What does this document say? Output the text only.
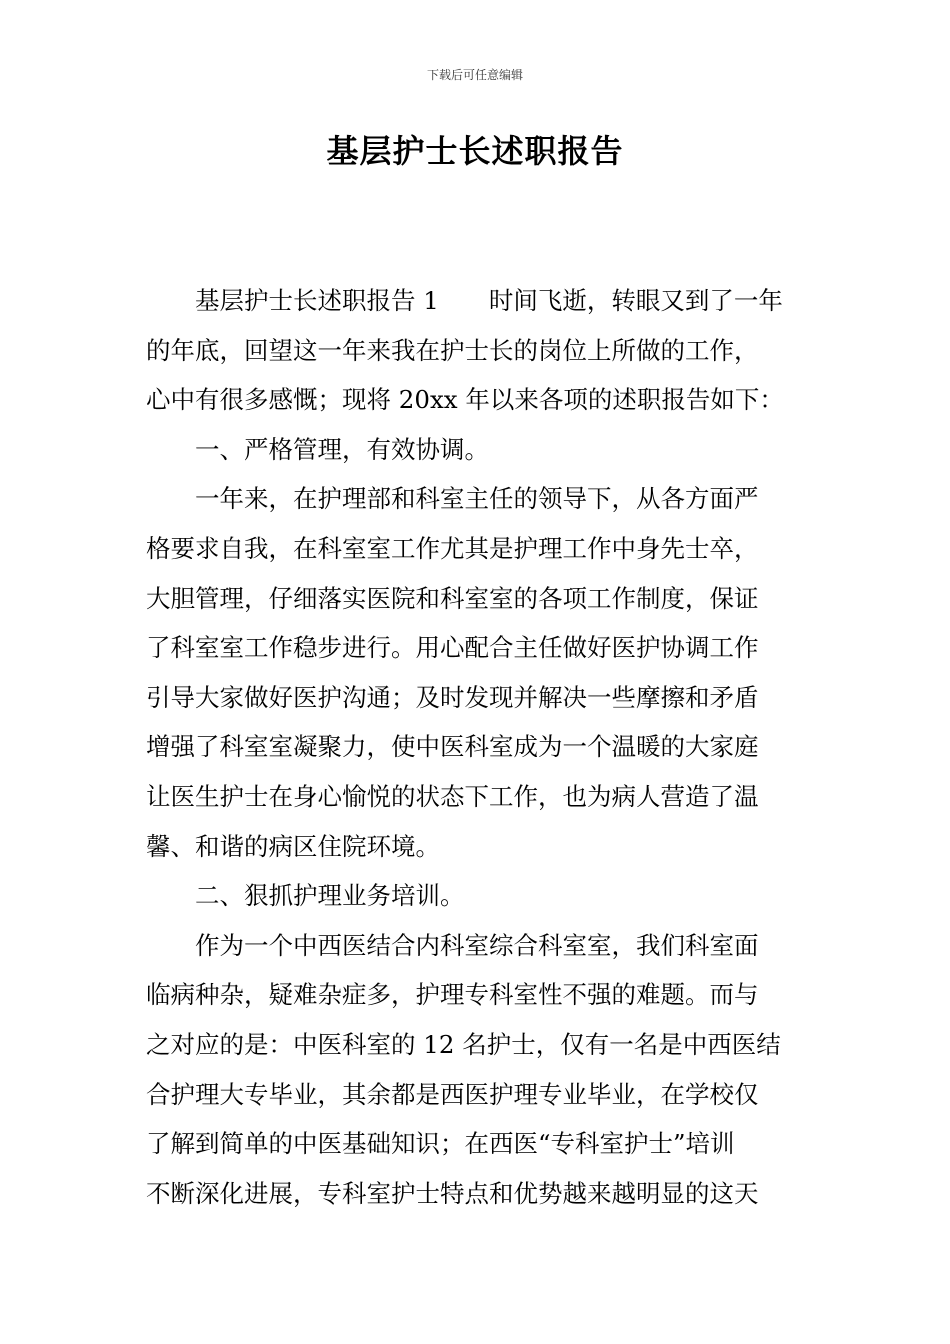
下载后可任意编辑
基层护士长述职报告
基层护士长述职报告 1 时间飞逝，转眼又到了一年
的年底，回望这一年来我在护士长的岗位上所做的工作，
心中有很多感慨；现将 20xx 年以来各项的述职报告如下：
一、严格管理，有效协调。
一年来，在护理部和科室主任的领导下，从各方面严
格要求自我，在科室室工作尤其是护理工作中身先士卒，
大胆管理，仔细落实医院和科室室的各项工作制度，保证
了科室室工作稳步进行。用心配合主任做好医护协调工作
引导大家做好医护沟通；及时发现并解决一些摩擦和矛盾
增强了科室室凝聚力，使中医科室成为一个温暖的大家庭
让医生护士在身心愉悦的状态下工作，也为病人营造了温
馨、和谐的病区住院环境。
二、狠抓护理业务培训。
作为一个中西医结合内科室综合科室室，我们科室面
临病种杂，疑难杂症多，护理专科室性不强的难题。而与
之对应的是：中医科室的 12 名护士，仅有一名是中西医结
合护理大专毕业，其余都是西医护理专业毕业，在学校仅
了解到简单的中医基础知识；在西医“专科室护士”培训
不断深化进展，专科室护士特点和优势越来越明显的这天
